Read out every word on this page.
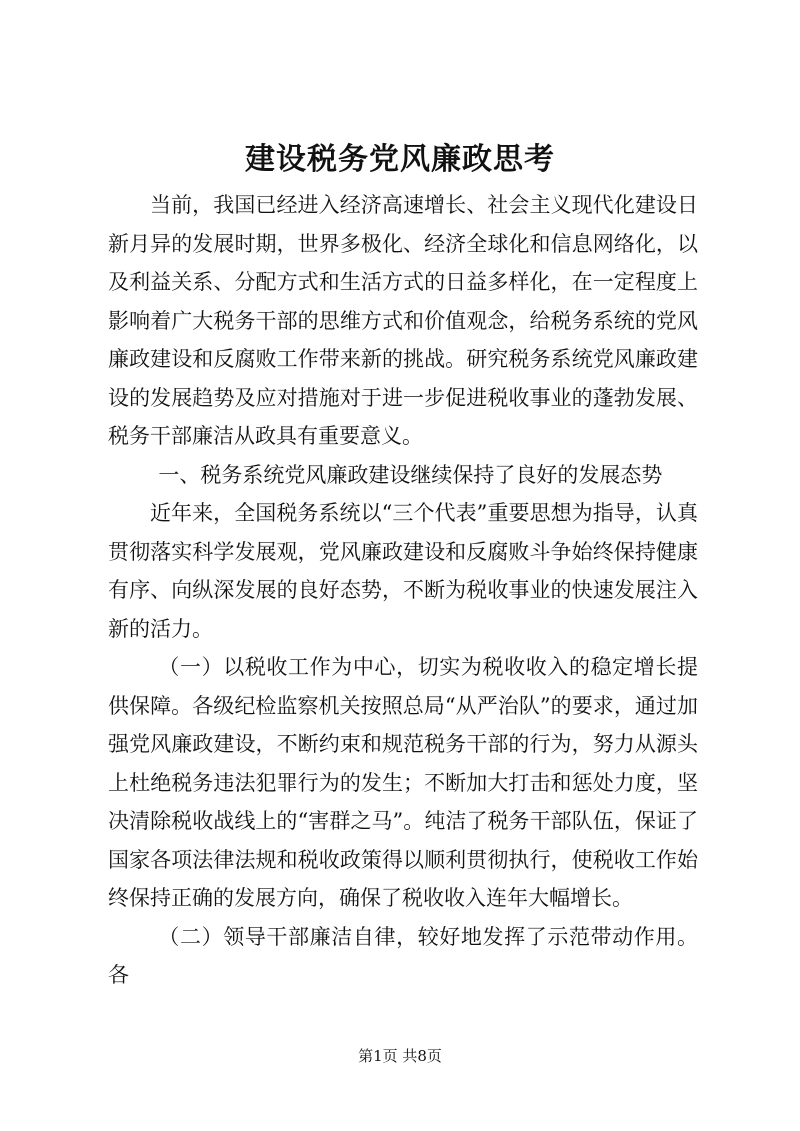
建设税务党风廉政思考

当前，我国已经进入经济高速增长、社会主义现代化建设日新月异的发展时期，世界多极化、经济全球化和信息网络化，以及利益关系、分配方式和生活方式的日益多样化，在一定程度上影响着广大税务干部的思维方式和价值观念，给税务系统的党风廉政建设和反腐败工作带来新的挑战。研究税务系统党风廉政建设的发展趋势及应对措施对于进一步促进税收事业的蓬勃发展、税务干部廉洁从政具有重要意义。

一、税务系统党风廉政建设继续保持了良好的发展态势

近年来，全国税务系统以“三个代表”重要思想为指导，认真贯彻落实科学发展观，党风廉政建设和反腐败斗争始终保持健康有序、向纵深发展的良好态势，不断为税收事业的快速发展注入新的活力。

（一）以税收工作为中心，切实为税收收入的稳定增长提供保障。各级纪检监察机关按照总局“从严治队”的要求，通过加强党风廉政建设，不断约束和规范税务干部的行为，努力从源头上杜绝税务违法犯罪行为的发生；不断加大打击和惩处力度，坚决清除税收战线上的“害群之马”。纯洁了税务干部队伍，保证了国家各项法律法规和税收政策得以顺利贯彻执行，使税收工作始终保持正确的发展方向，确保了税收收入连年大幅增长。

（二）领导干部廉洁自律，较好地发挥了示范带动作用。各

第1页 共8页
